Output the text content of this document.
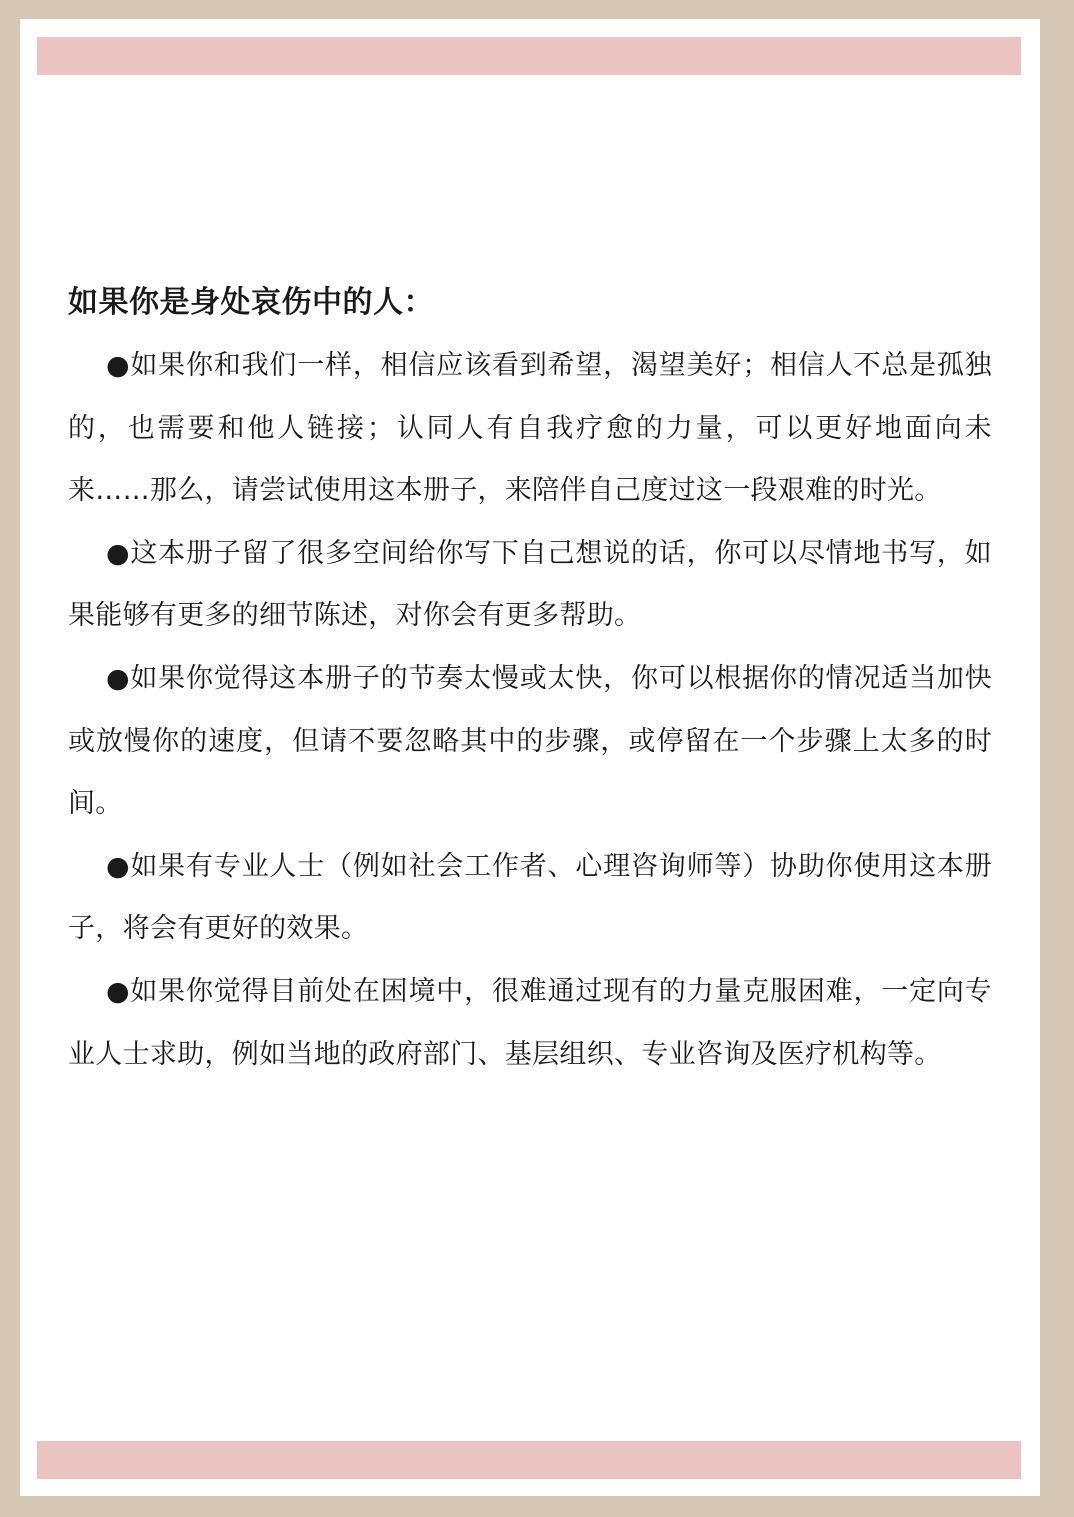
如果你是身处哀伤中的人：

●如果你和我们一样，相信应该看到希望，渴望美好；相信人不总是孤独的，也需要和他人链接；认同人有自我疗愈的力量，可以更好地面向未来……那么，请尝试使用这本册子，来陪伴自己度过这一段艰难的时光。

●这本册子留了很多空间给你写下自己想说的话，你可以尽情地书写，如果能够有更多的细节陈述，对你会有更多帮助。

●如果你觉得这本册子的节奏太慢或太快，你可以根据你的情况适当加快或放慢你的速度，但请不要忽略其中的步骤，或停留在一个步骤上太多的时间。

●如果有专业人士（例如社会工作者、心理咨询师等）协助你使用这本册子，将会有更好的效果。

●如果你觉得目前处在困境中，很难通过现有的力量克服困难，一定向专业人士求助，例如当地的政府部门、基层组织、专业咨询及医疗机构等。
